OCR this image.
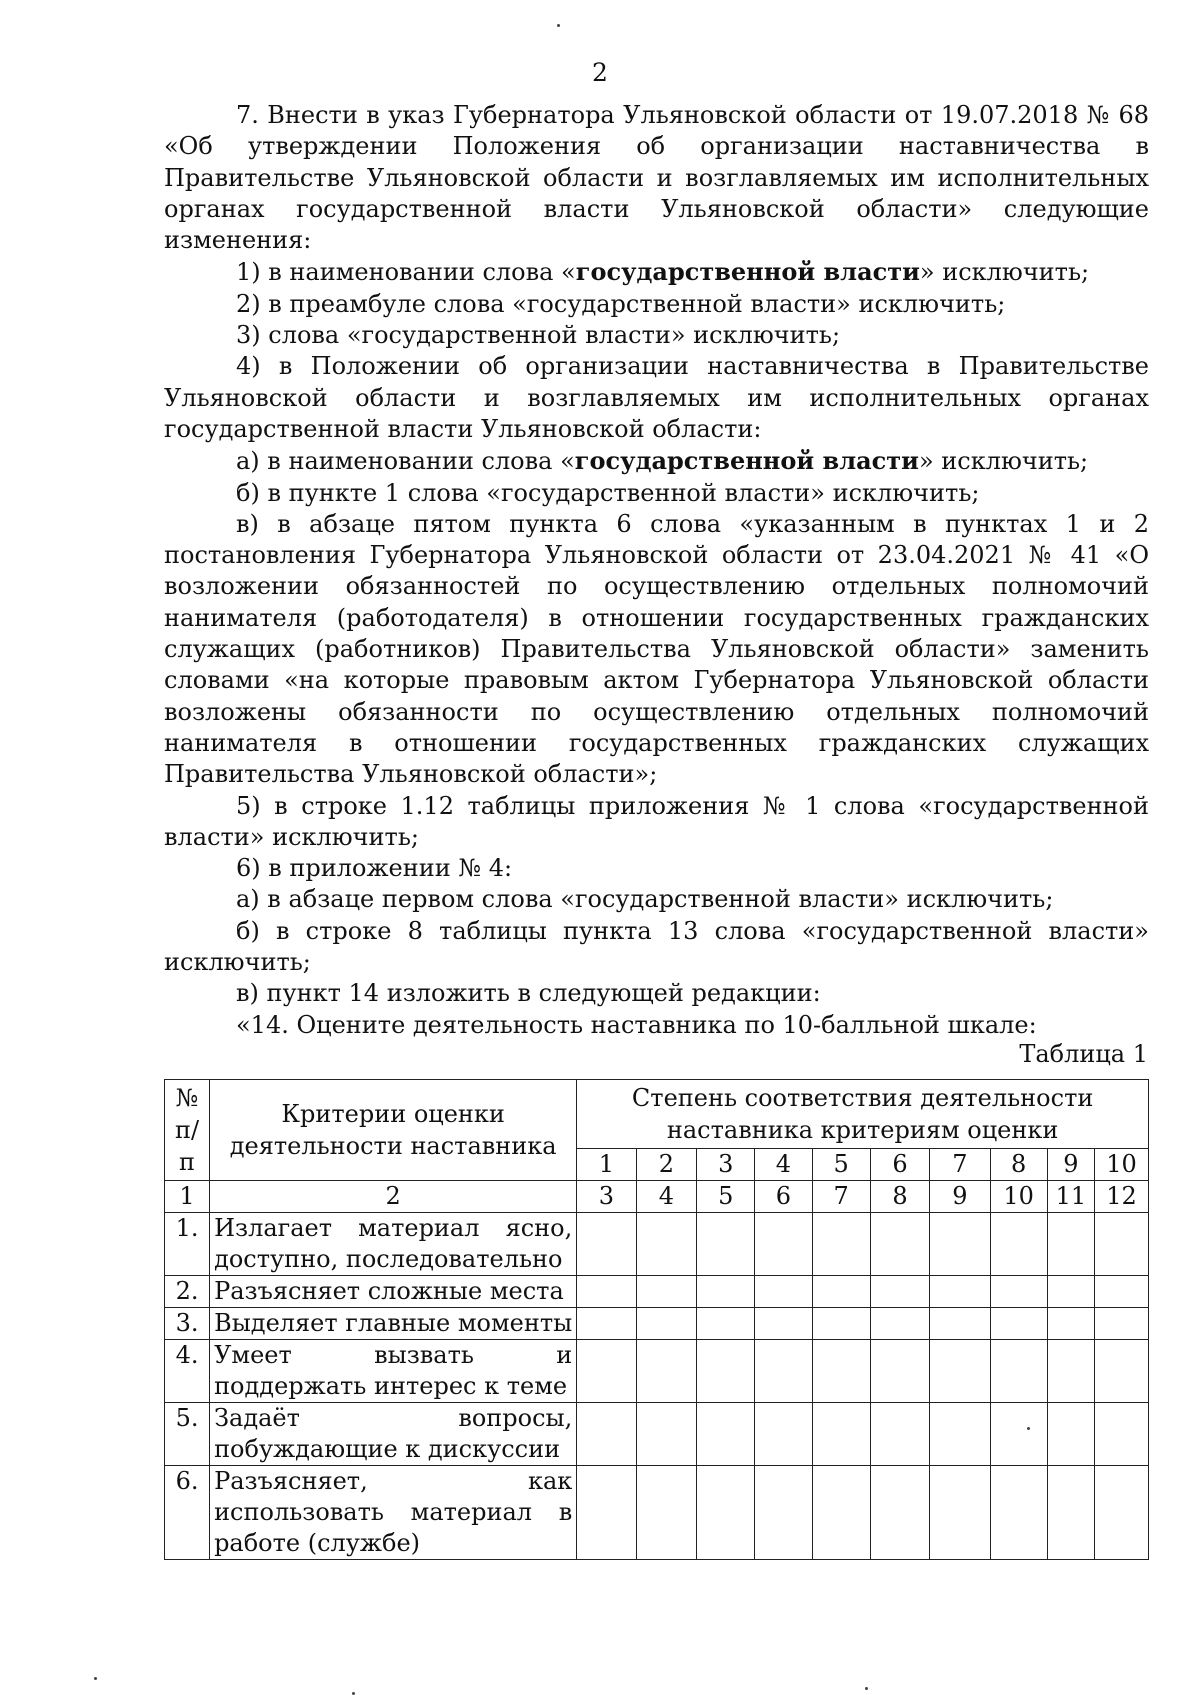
2

7. Внести в указ Губернатора Ульяновской области от 19.07.2018 № 68 «Об утверждении Положения об организации наставничества в Правительстве Ульяновской области и возглавляемых им исполнительных органах государственной власти Ульяновской области» следующие изменения:

1) в наименовании слова «государственной власти» исключить;

2) в преамбуле слова «государственной власти» исключить;

3) слова «государственной власти» исключить;

4) в Положении об организации наставничества в Правительстве Ульяновской области и возглавляемых им исполнительных органах государственной власти Ульяновской области:

а) в наименовании слова «государственной власти» исключить;

б) в пункте 1 слова «государственной власти» исключить;

в) в абзаце пятом пункта 6 слова «указанным в пунктах 1 и 2 постановления Губернатора Ульяновской области от 23.04.2021 № 41 «О возложении обязанностей по осуществлению отдельных полномочий нанимателя (работодателя) в отношении государственных гражданских служащих (работников) Правительства Ульяновской области» заменить словами «на которые правовым актом Губернатора Ульяновской области возложены обязанности по осуществлению отдельных полномочий нанимателя в отношении государственных гражданских служащих Правительства Ульяновской области»;

5) в строке 1.12 таблицы приложения № 1 слова «государственной власти» исключить;

6) в приложении № 4:

а) в абзаце первом слова «государственной власти» исключить;

б) в строке 8 таблицы пункта 13 слова «государственной власти» исключить;

в) пункт 14 изложить в следующей редакции:

«14. Оцените деятельность наставника по 10-балльной шкале:

Таблица 1
№ п/п	Критерии оценки деятельности наставника	Степень соответствия деятельности наставника критериям оценки									
		1	2	3	4	5	6	7	8	9	10
1	2	3	4	5	6	7	8	9	10	11	12
1.	Излагает материал ясно, доступно, последовательно										
2.	Разъясняет сложные места										
3.	Выделяет главные моменты										
4.	Умеет вызвать и поддержать интерес к теме										
5.	Задаёт вопросы, побуждающие к дискуссии										
6.	Разъясняет, как использовать материал в работе (службе)										
